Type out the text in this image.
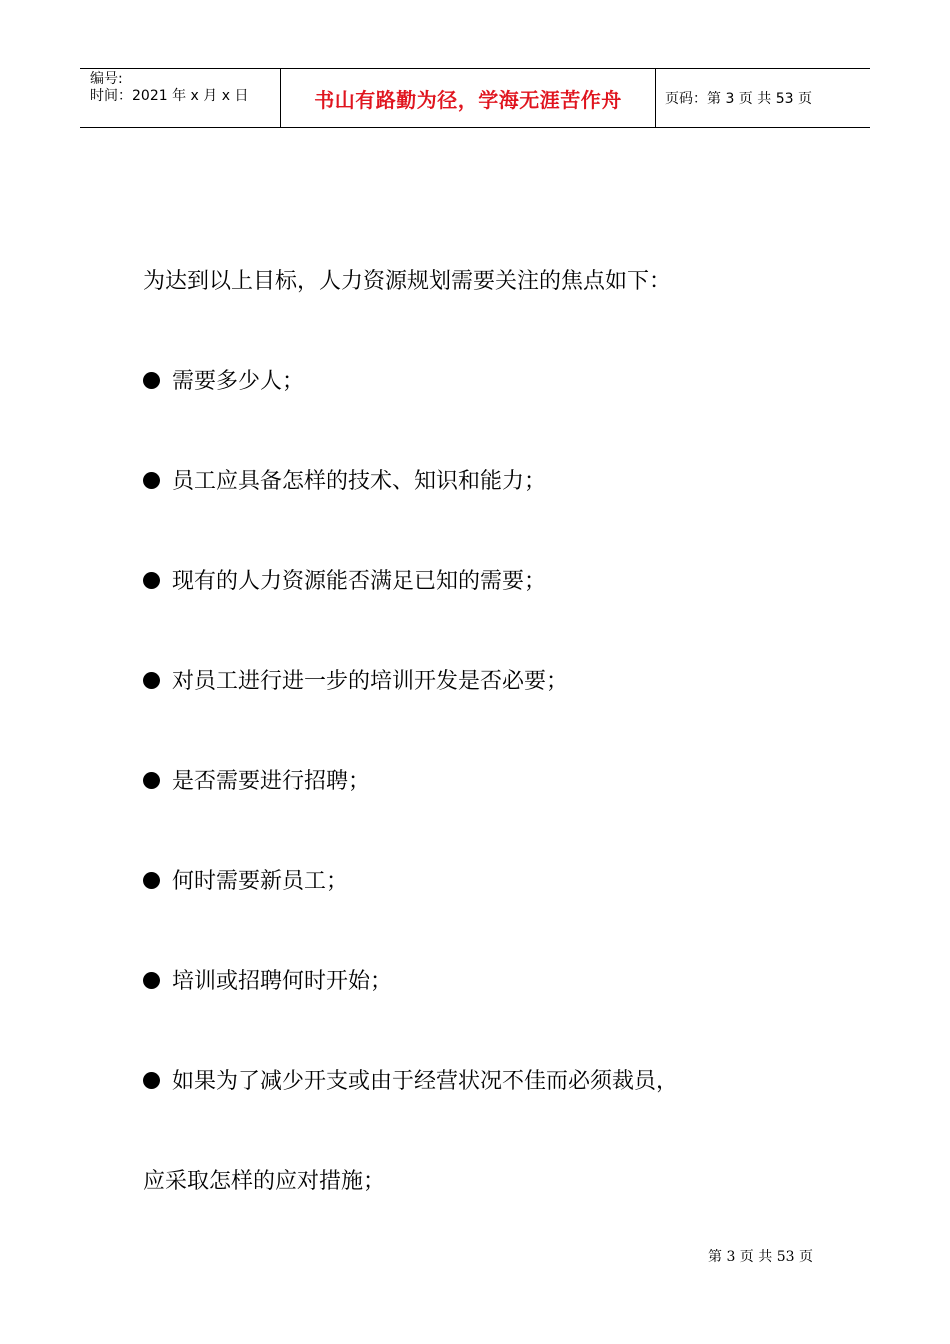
编号:
时间：2021 年 x 月 x 日	书山有路勤为径，学海无涯苦作舟	页码：第 3 页 共 53 页
为达到以上目标，人力资源规划需要关注的焦点如下：
需要多少人；
员工应具备怎样的技术、知识和能力；
现有的人力资源能否满足已知的需要；
对员工进行进一步的培训开发是否必要；
是否需要进行招聘；
何时需要新员工；
培训或招聘何时开始；
如果为了减少开支或由于经营状况不佳而必须裁员，
应采取怎样的应对措施；
第 3 页 共 53 页
